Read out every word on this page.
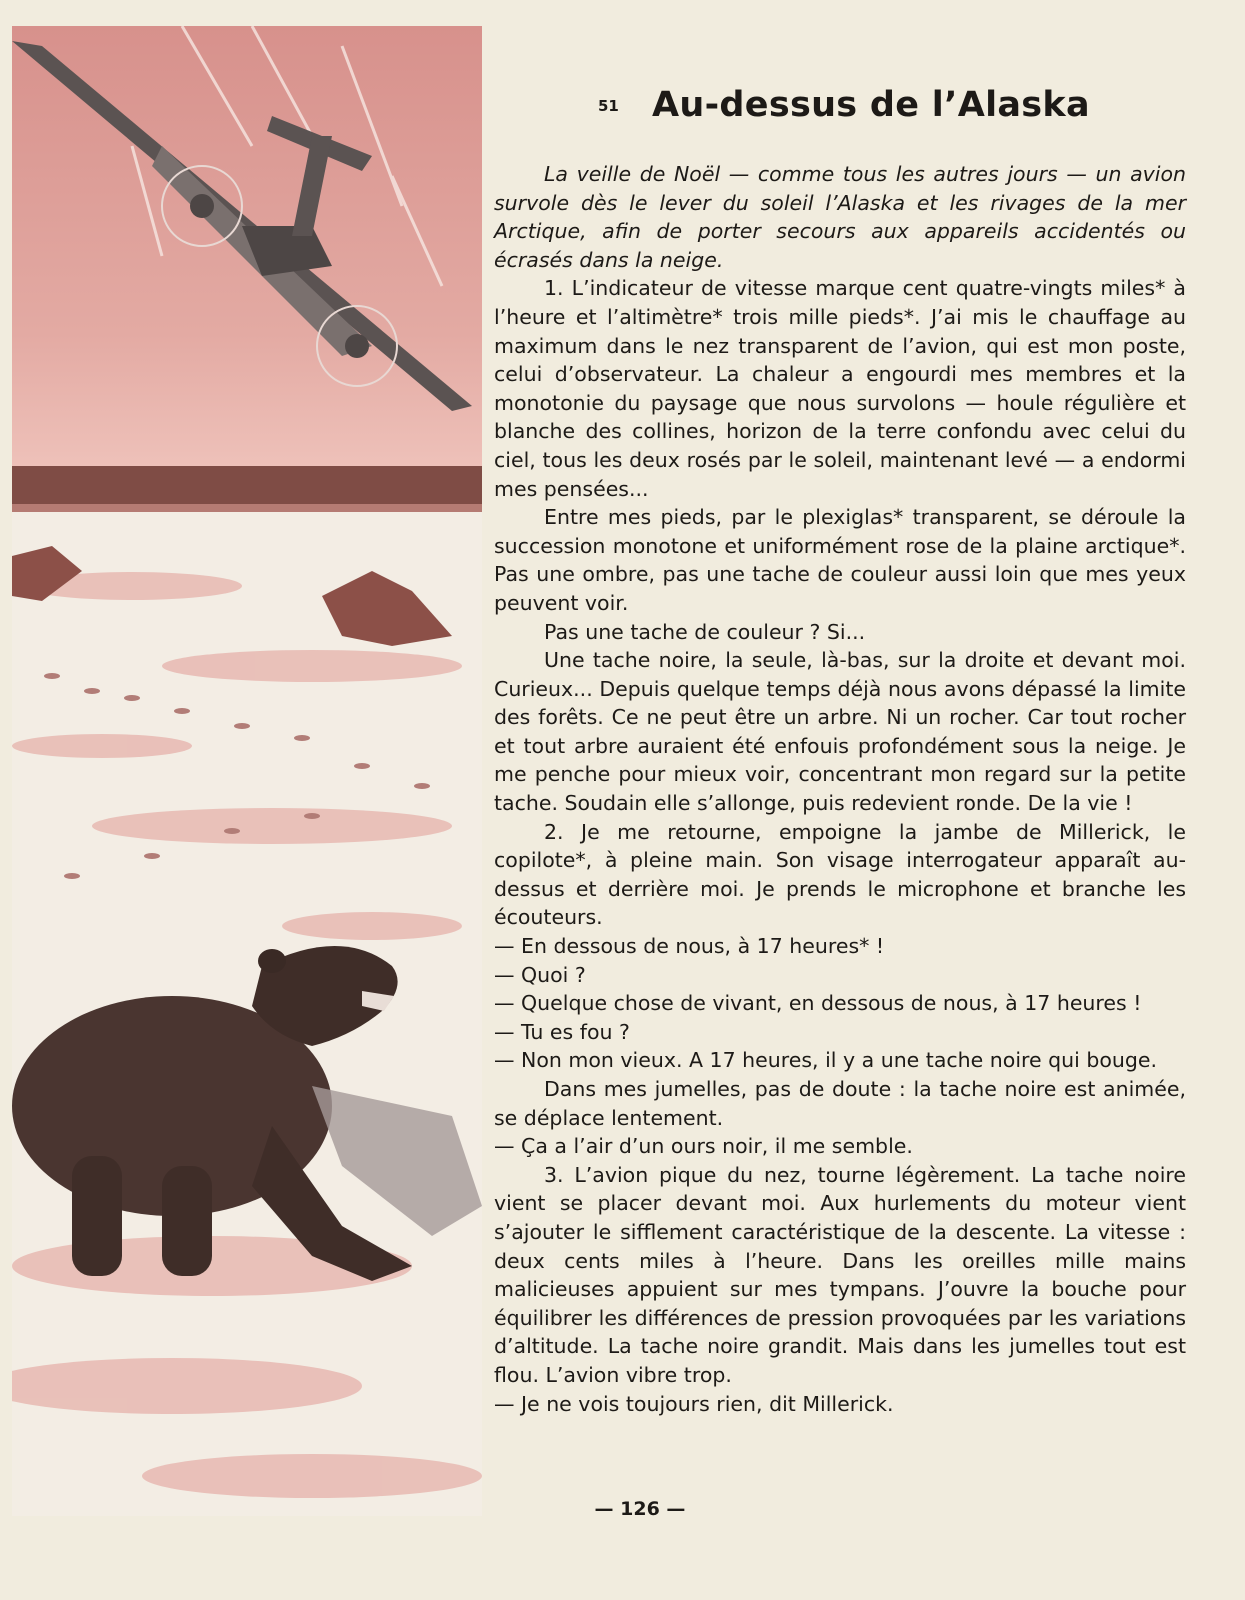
51 Au-dessus de l’Alaska

La veille de Noël — comme tous les autres jours — un avion survole dès le lever du soleil l’Alaska et les rivages de la mer Arctique, afin de porter secours aux appareils accidentés ou écrasés dans la neige.

1. L’indicateur de vitesse marque cent quatre-vingts miles* à l’heure et l’altimètre* trois mille pieds*. J’ai mis le chauffage au maximum dans le nez transparent de l’avion, qui est mon poste, celui d’observateur. La chaleur a engourdi mes membres et la monotonie du paysage que nous survolons — houle régulière et blanche des collines, horizon de la terre confondu avec celui du ciel, tous les deux rosés par le soleil, maintenant levé — a endormi mes pensées...

Entre mes pieds, par le plexiglas* transparent, se déroule la succession monotone et uniformément rose de la plaine arctique*. Pas une ombre, pas une tache de couleur aussi loin que mes yeux peuvent voir.

Pas une tache de couleur ? Si...

Une tache noire, la seule, là-bas, sur la droite et devant moi. Curieux... Depuis quelque temps déjà nous avons dépassé la limite des forêts. Ce ne peut être un arbre. Ni un rocher. Car tout rocher et tout arbre auraient été enfouis profondément sous la neige. Je me penche pour mieux voir, concentrant mon regard sur la petite tache. Soudain elle s’allonge, puis redevient ronde. De la vie !

2. Je me retourne, empoigne la jambe de Millerick, le copilote*, à pleine main. Son visage interrogateur apparaît au-dessus et derrière moi. Je prends le microphone et branche les écouteurs.

— En dessous de nous, à 17 heures* !

— Quoi ?

— Quelque chose de vivant, en dessous de nous, à 17 heures !

— Tu es fou ?

— Non mon vieux. A 17 heures, il y a une tache noire qui bouge.

Dans mes jumelles, pas de doute : la tache noire est animée, se déplace lentement.

— Ça a l’air d’un ours noir, il me semble.

3. L’avion pique du nez, tourne légèrement. La tache noire vient se placer devant moi. Aux hurlements du moteur vient s’ajouter le sifflement caractéristique de la descente. La vitesse : deux cents miles à l’heure. Dans les oreilles mille mains malicieuses appuient sur mes tympans. J’ouvre la bouche pour équilibrer les différences de pression provoquées par les variations d’altitude. La tache noire grandit. Mais dans les jumelles tout est flou. L’avion vibre trop.

— Je ne vois toujours rien, dit Millerick.

— 126 —
